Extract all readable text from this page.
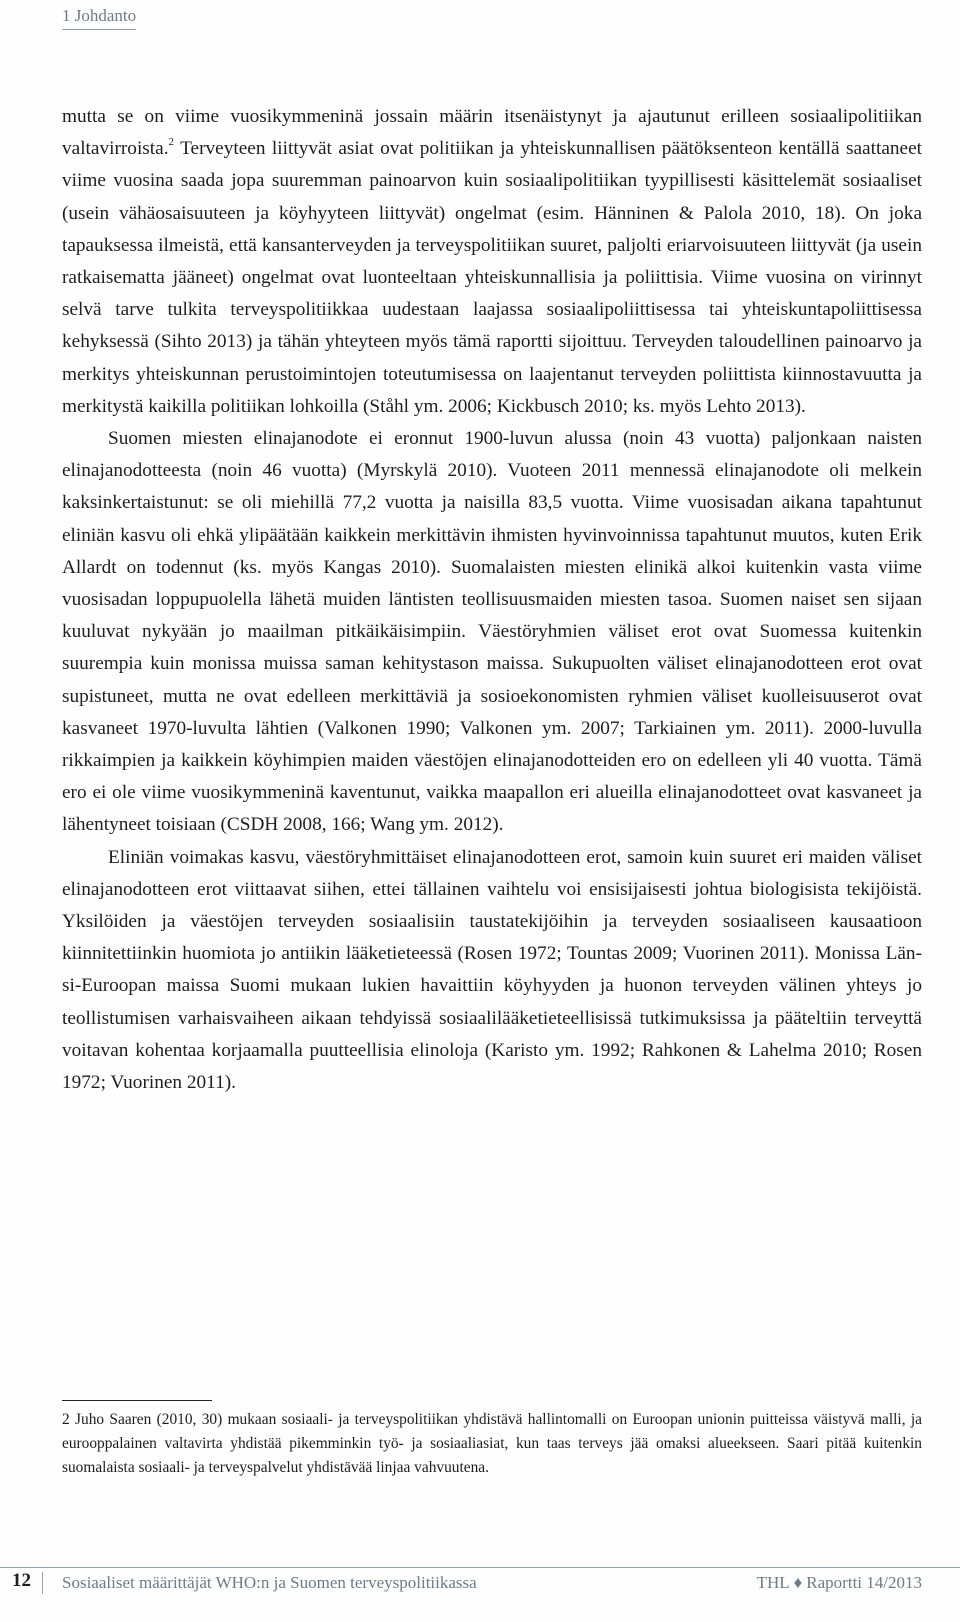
1 Johdanto

mutta se on viime vuosikymmeninä jossain määrin itsenäistynyt ja ajautunut erilleen sosiaalipolitiikan valtavirroista.$^2$ Terveyteen liittyvät asiat ovat politiikan ja yhteiskunnallisen päätöksenteon kentällä saattaneet viime vuosina saada jopa suuremman painoarvon kuin sosiaalipolitiikan tyypillisesti käsittelemät sosiaaliset (usein vähäosaisuuteen ja köyhyyteen liittyvät) ongelmat (esim. Hänninen & Palola 2010, 18). On joka tapauksessa ilmeistä, että kansanterveyden ja terveyspolitiikan suuret, paljolti eriarvoisuuteen liittyvät (ja usein ratkaisematta jääneet) ongelmat ovat luonteeltaan yhteiskunnallisia ja poliittisia. Viime vuosina on virinnyt selvä tarve tulkita terveyspolitiikkaa uudestaan laajassa sosiaalipoliittisessa tai yhteiskuntapoliittisessa kehyksessä (Sihto 2013) ja tähän yhteyteen myös tämä raportti sijoittuu. Terveyden taloudellinen painoarvo ja merkitys yhteiskunnan perustoimintojen toteutumisessa on laajentanut terveyden poliittista kiinnostavuutta ja merkitystä kaikilla politiikan lohkoilla (Ståhl ym. 2006; Kickbusch 2010; ks. myös Lehto 2013).

Suomen miesten elinajanodote ei eronnut 1900-luvun alussa (noin 43 vuotta) paljonkaan naisten elinajanodotteesta (noin 46 vuotta) (Myrskylä 2010). Vuoteen 2011 mennessä elinajanodote oli melkein kaksinkertaistunut: se oli miehillä 77,2 vuotta ja naisilla 83,5 vuotta. Viime vuosisadan aikana tapahtunut eliniän kasvu oli ehkä ylipäätään kaikkein merkittävin ihmisten hyvinvoinnissa tapahtunut muutos, kuten Erik Allardt on todennut (ks. myös Kangas 2010). Suomalaisten miesten elinikä alkoi kuitenkin vasta viime vuosisadan loppupuolella lähetä muiden läntisten teollisuusmaiden miesten tasoa. Suomen naiset sen sijaan kuuluvat nykyään jo maailman pitkäikäisimpiin. Väestöryhmien väliset erot ovat Suomessa kuitenkin suurempia kuin monissa muissa saman kehitystason maissa. Sukupuolten väliset elinajanodotteen erot ovat supistuneet, mutta ne ovat edelleen merkittäviä ja sosioekonomisten ryhmien väliset kuolleisuuserot ovat kasvaneet 1970-luvulta lähtien (Valkonen 1990; Valkonen ym. 2007; Tarkiainen ym. 2011). 2000-luvulla rikkaimpien ja kaikkein köyhimpien maiden väestöjen elinajanodotteiden ero on edelleen yli 40 vuotta. Tämä ero ei ole viime vuosikymmeninä kaventunut, vaikka maapallon eri alueilla elinajanodotteet ovat kasvaneet ja lähentyneet toisiaan (CSDH 2008, 166; Wang ym. 2012).

Eliniän voimakas kasvu, väestöryhmittäiset elinajanodotteen erot, samoin kuin suuret eri maiden väliset elinajanodotteen erot viittaavat siihen, ettei tällainen vaihtelu voi ensisijaisesti johtua biologisista tekijöistä. Yksilöiden ja väestöjen terveyden sosiaalisiin taustatekijöihin ja terveyden sosiaaliseen kausaatioon kiinnitettiinkin huomiota jo antiikin lääketieteessä (Rosen 1972; Tountas 2009; Vuorinen 2011). Monissa Länsi-Euroopan maissa Suomi mukaan lukien havaittiin köyhyyden ja huonon terveyden välinen yhteys jo teollistumisen varhaisvaiheen aikaan tehdyissä sosiaalilääketieteellisissä tutkimuksissa ja pääteltiin terveyttä voitavan kohentaa korjaamalla puutteellisia elinoloja (Karisto ym. 1992; Rahkonen & Lahelma 2010; Rosen 1972; Vuorinen 2011).

2 Juho Saaren (2010, 30) mukaan sosiaali- ja terveyspolitiikan yhdistävä hallintomalli on Euroopan unionin puitteissa väistyvä malli, ja eurooppalainen valtavirta yhdistää pikemminkin työ- ja sosiaaliasiat, kun taas terveys jää omaksi alueekseen. Saari pitää kuitenkin suomalaista sosiaali- ja terveyspalvelut yhdistävää linjaa vahvuutena.

12 Sosiaaliset määrittäjät WHO:n ja Suomen terveyspolitiikassa	THL ♦ Raportti 14/2013
